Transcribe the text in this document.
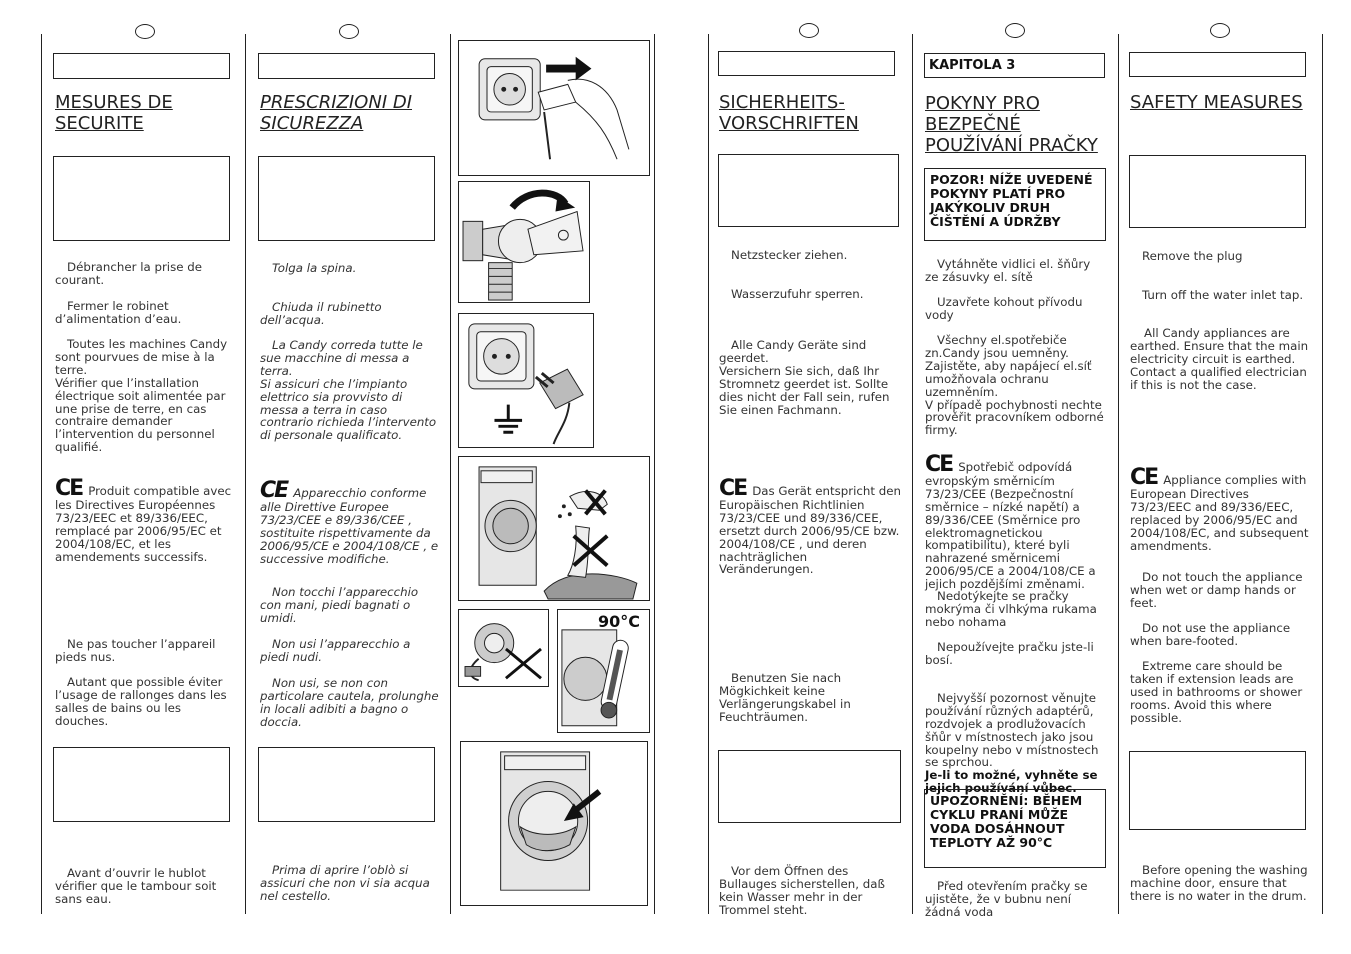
MESURES DE SECURITE
Débrancher la prise de courant.
Fermer le robinet d’alimentation d’eau.
Toutes les machines Candy sont pourvues de mise à la terre.
Vérifier que l’installation électrique soit alimentée par une prise de terre, en cas contraire demander l’intervention du personnel qualifié.

CE Produit compatible avec les Directives Européennes 73/23/EEC et 89/336/EEC, remplacé par 2006/95/EC et 2004/108/EC, et les amendements successifs.

Ne pas toucher l’appareil pieds nus.
Autant que possible éviter l’usage de rallonges dans les salles de bains ou les douches.
Avant d’ouvrir le hublot vérifier que le tambour soit sans eau.
PRESCRIZIONI DI SICUREZZA
Tolga la spina.
Chiuda il rubinetto dell’acqua.
La Candy correda tutte le sue macchine di messa a terra.
Si assicuri che l’impianto elettrico sia provvisto di messa a terra in caso contrario richieda l’intervento di personale qualificato.

CE Apparecchio conforme alle Direttive Europee 73/23/CEE e 89/336/CEE , sostituite rispettivamente da 2006/95/CE e 2004/108/CE , e successive modifiche.

Non tocchi l’apparecchio con mani, piedi bagnati o umidi.
Non usi l’apparecchio a piedi nudi.
Non usi, se non con particolare cautela, prolunghe in locali adibiti a bagno o doccia.
Prima di aprire l’oblò si assicuri che non vi sia acqua nel cestello.
90°C
SICHERHEITS- VORSCHRIFTEN
Netzstecker ziehen.
Wasserzufuhr sperren.
Alle Candy Geräte sind geerdet.
Versichern Sie sich, daß Ihr Stromnetz geerdet ist. Sollte dies nicht der Fall sein, rufen Sie einen Fachmann.

CE Das Gerät entspricht den Europäischen Richtlinien 73/23/CEE und 89/336/CEE, ersetzt durch 2006/95/CE bzw. 2004/108/CE , und deren nachträglichen Veränderungen.

Benutzen Sie nach Mögkichkeit keine Verlängerungskabel in Feuchträumen.
Vor dem Öffnen des Bullauges sicherstellen, daß kein Wasser mehr in der Trommel steht.
KAPITOLA 3
POKYNY PRO BEZPEČNÉ POUŽÍVÁNÍ PRAČKY
POZOR! NÍŽE UVEDENÉ POKYNY PLATÍ PRO JAKÝKOLIV DRUH ČIŠTĚNÍ A ÚDRŽBY
Vytáhněte vidlici el. šňůry ze zásuvky el. sítě
Uzavřete kohout přívodu vody
Všechny el.spotřebiče zn.Candy jsou uemněny. Zajistěte, aby napájecí el.síť umožňovala ochranu uzemněním.
V případě pochybnosti nechte prověřit pracovníkem odborné firmy.

CE Spotřebič odpovídá evropským směrnicím 73/23/CEE (Bezpečnostní směrnice – nízké napětí) a 89/336/CEE (Směrnice pro elektromagnetickou kompatibilitu), které byli nahrazené směrnicemi 2006/95/CE a 2004/108/CE a jejich pozdějšími změnami.

Nedotýkejte se pračky mokrýma či vlhkýma rukama nebo nohama
Nepoužívejte pračku jste-li bosí.

Nejvyšší pozornost věnujte používání různých adaptérů, rozdvojek a prodlužovacích šňůr v místnostech jako jsou koupelny nebo v místnostech se sprchou.
Je-li to možné, vyhněte se jejich používání vůbec.

UPOZORNĚNÍ: BĚHEM CYKLU PRANÍ MŮŽE VODA DOSÁHNOUT TEPLOTY AŽ 90°C
Před otevřením pračky se ujistěte, že v bubnu není žádná voda
SAFETY MEASURES
Remove the plug
Turn off the water inlet tap.
All Candy appliances are earthed. Ensure that the main electricity circuit is earthed. Contact a qualified electrician if this is not the case.

CE Appliance complies with European Directives 73/23/EEC and 89/336/EEC, replaced by 2006/95/EC and 2004/108/EC, and subsequent amendments.

Do not touch the appliance when wet or damp hands or feet.
Do not use the appliance when bare-footed.
Extreme care should be taken if extension leads are used in bathrooms or shower rooms. Avoid this where possible.
Before opening the washing machine door, ensure that there is no water in the drum.
